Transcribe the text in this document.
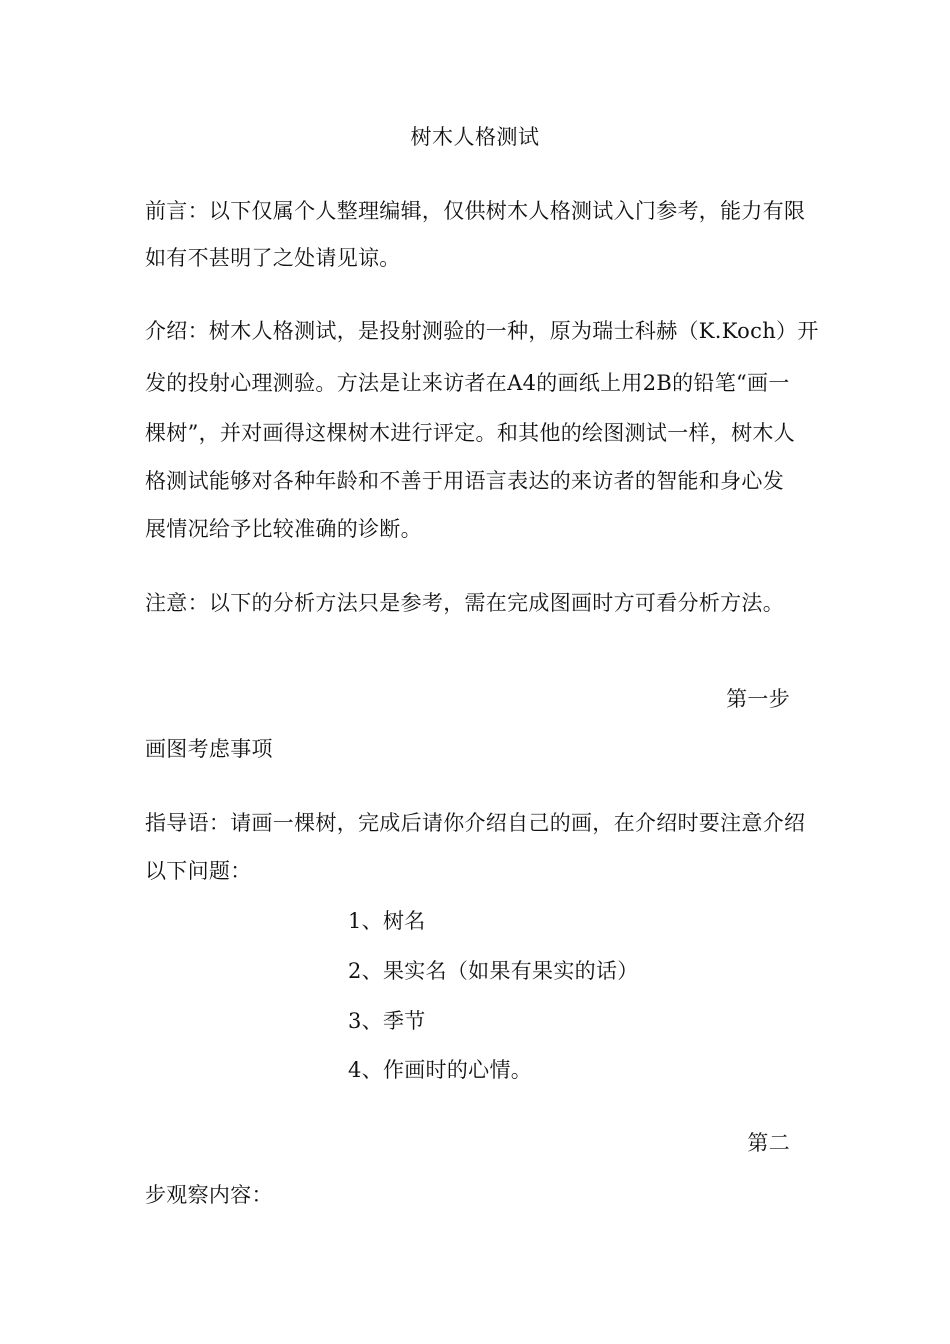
树木人格测试
前言：以下仅属个人整理编辑，仅供树木人格测试入门参考，能力有限
如有不甚明了之处请见谅。
介绍：树木人格测试，是投射测验的一种，原为瑞士科赫（K.Koch）开
发的投射心理测验。方法是让来访者在A4的画纸上用2B的铅笔“画一
棵树”，并对画得这棵树木进行评定。和其他的绘图测试一样，树木人
格测试能够对各种年龄和不善于用语言表达的来访者的智能和身心发
展情况给予比较准确的诊断。
注意：以下的分析方法只是参考，需在完成图画时方可看分析方法。
第一步
画图考虑事项
指导语：请画一棵树，完成后请你介绍自己的画，在介绍时要注意介绍
以下问题：
1、树名
2、果实名（如果有果实的话）
3、季节
4、作画时的心情。
第二
步观察内容：
